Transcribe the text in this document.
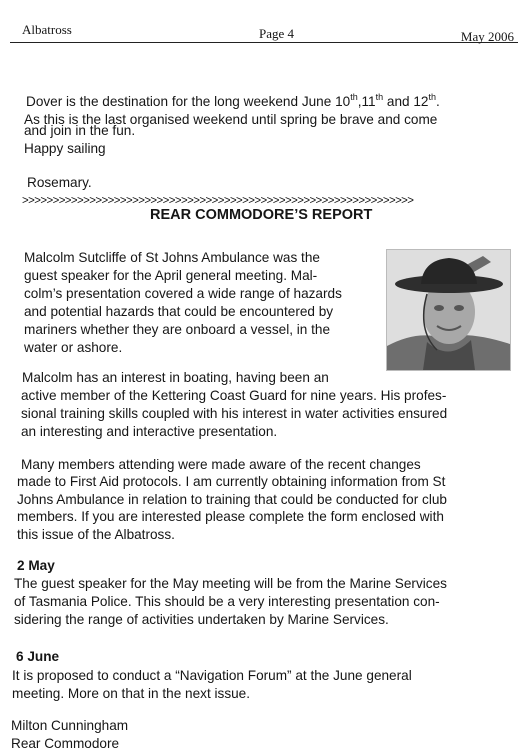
Albatross	Page 4	May 2006
Dover is the destination for the long weekend June 10th,11th and 12th.
As this is the last organised weekend until spring be brave and come
and join in the fun.
Happy sailing
Rosemary.
>>>>>>>>>>>>>>>>>>>>>>>>>>>>>>>>>>>>>>>>>>>>>>>>>>>>>>>>>>>>>>>>
REAR COMMODORE’S REPORT
Malcolm Sutcliffe of St Johns Ambulance was the
guest speaker for the April general meeting. Mal-
colm’s presentation covered a wide range of hazards
and potential hazards that could be encountered by
mariners whether they are onboard a vessel, in the
water or ashore.
Malcolm has an interest in boating, having been an
active member of the Kettering Coast Guard for nine years. His profes-
sional training skills coupled with his interest in water activities ensured
an interesting and interactive presentation.
Many members attending were made aware of the recent changes
made to First Aid protocols. I am currently obtaining information from St
Johns Ambulance in relation to training that could be conducted for club
members. If you are interested please complete the form enclosed with
this issue of the Albatross.
2 May
The guest speaker for the May meeting will be from the Marine Services
of Tasmania Police. This should be a very interesting presentation con-
sidering the range of activities undertaken by Marine Services.
6 June
It is proposed to conduct a “Navigation Forum” at the June general
meeting. More on that in the next issue.
Milton Cunningham
Rear Commodore
